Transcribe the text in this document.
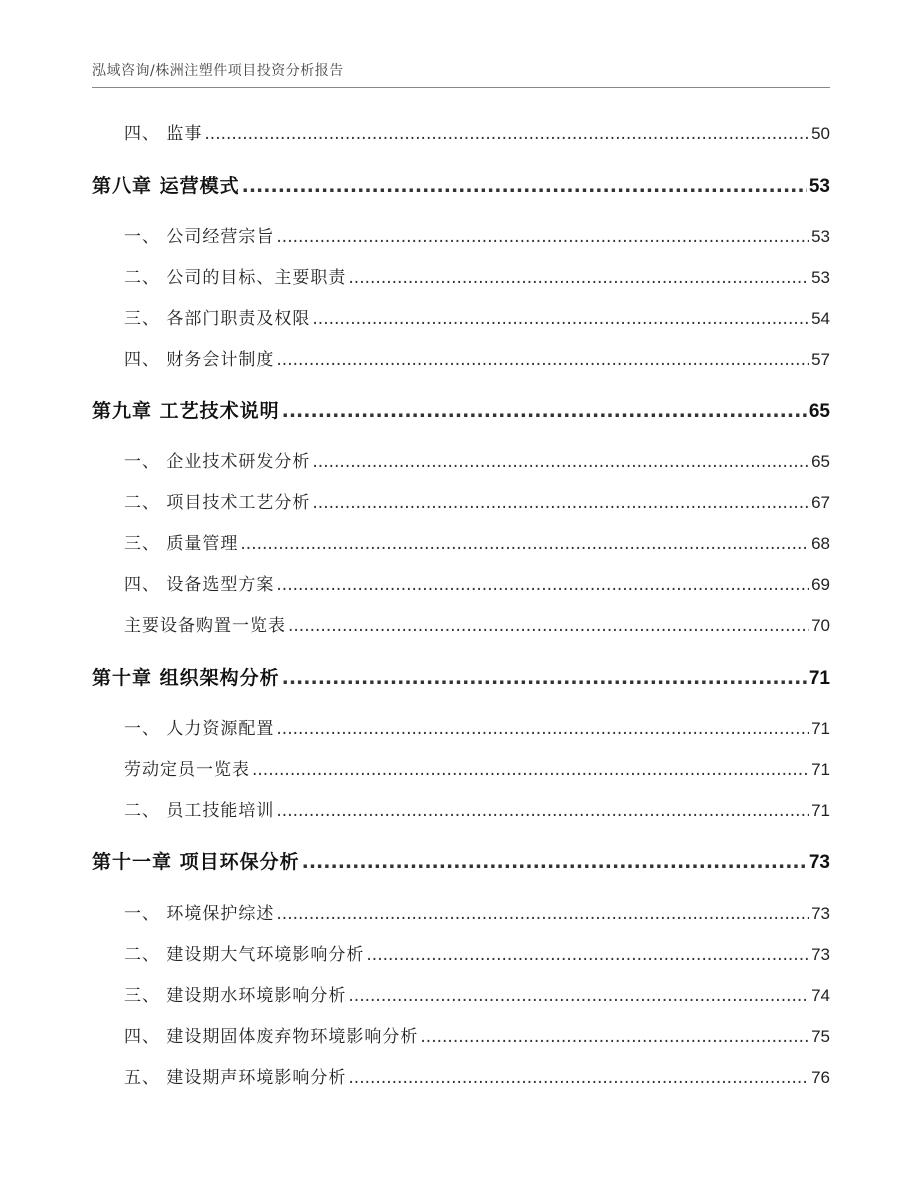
泓域咨询/株洲注塑件项目投资分析报告
四、 监事 .....	50
第八章 运营模式 .....	53
一、 公司经营宗旨 .....	53
二、 公司的目标、主要职责 .....	53
三、 各部门职责及权限 .....	54
四、 财务会计制度 .....	57
第九章 工艺技术说明 .....	65
一、 企业技术研发分析 .....	65
二、 项目技术工艺分析 .....	67
三、 质量管理 .....	68
四、 设备选型方案 .....	69
主要设备购置一览表 .....	70
第十章 组织架构分析 .....	71
一、 人力资源配置 .....	71
劳动定员一览表 .....	71
二、 员工技能培训 .....	71
第十一章 项目环保分析 .....	73
一、 环境保护综述 .....	73
二、 建设期大气环境影响分析 .....	73
三、 建设期水环境影响分析 .....	74
四、 建设期固体废弃物环境影响分析 .....	75
五、 建设期声环境影响分析 .....	76
